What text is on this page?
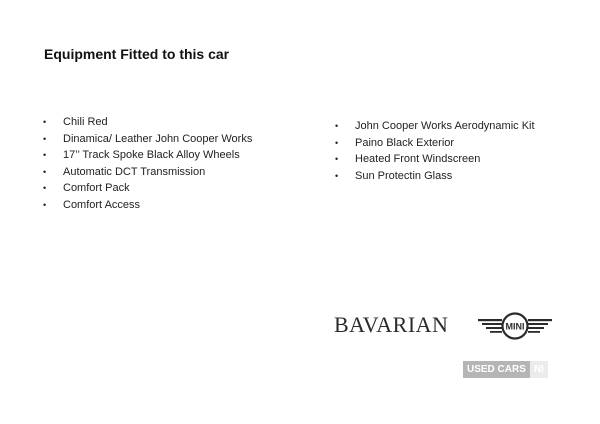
Equipment Fitted to this car
• Chili Red
• Dinamica/ Leather John Cooper Works
• 17’’ Track Spoke Black Alloy Wheels
• Automatic DCT Transmission
• Comfort Pack
• Comfort Access
• John Cooper Works Aerodynamic Kit
• Paino Black Exterior
• Heated Front Windscreen
• Sun Protectin Glass
BAVARIAN	MINI
USED CARS NI
